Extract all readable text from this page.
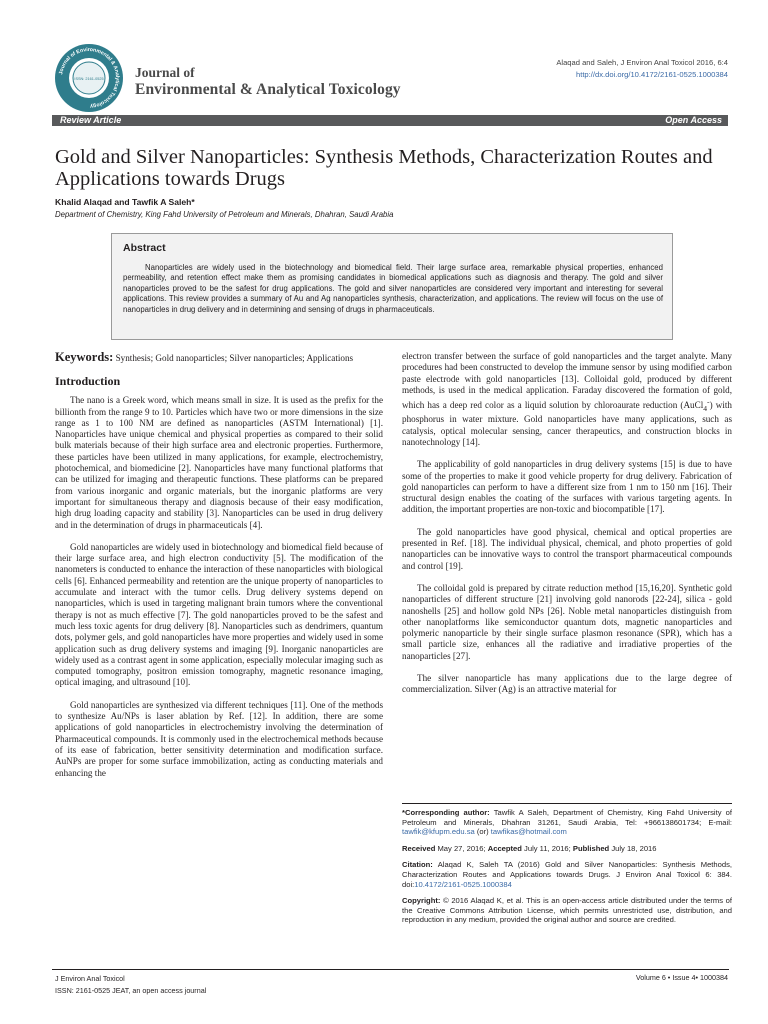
Journal of Environmental & Analytical Toxicology
ISSN: 2161-0525 Journal of
Environmental & Analytical Toxicology
Alaqad and Saleh, J Environ Anal Toxicol 2016, 6:4
http://dx.doi.org/10.4172/2161-0525.1000384
Review Article	Open Access
Gold and Silver Nanoparticles: Synthesis Methods, Characterization Routes and Applications towards Drugs
Khalid Alaqad and Tawfik A Saleh*
Department of Chemistry, King Fahd University of Petroleum and Minerals, Dhahran, Saudi Arabia
Abstract
Nanoparticles are widely used in the biotechnology and biomedical field. Their large surface area, remarkable physical properties, enhanced permeability, and retention effect make them as promising candidates in biomedical applications such as diagnosis and therapy. The gold and silver nanoparticles proved to be the safest for drug applications. The gold and silver nanoparticles are considered very important and interesting for several applications. This review provides a summary of Au and Ag nanoparticles synthesis, characterization, and applications. The review will focus on the use of nanoparticles in drug delivery and in determining and sensing of drugs in pharmaceuticals.
Keywords: Synthesis; Gold nanoparticles; Silver nanoparticles; Applications
Introduction

The nano is a Greek word, which means small in size. It is used as the prefix for the billionth from the range 9 to 10. Particles which have two or more dimensions in the size range as 1 to 100 NM are defined as nanoparticles (ASTM International) [1]. Nanoparticles have unique chemical and physical properties as compared to their solid bulk materials because of their high surface area and electronic properties. Furthermore, these particles have been utilized in many applications, for example, electrochemistry, photochemical, and biomedicine [2]. Nanoparticles have many functional platforms that can be utilized for imaging and therapeutic functions. These platforms can be prepared from various inorganic and organic materials, but the inorganic platforms are very important for simultaneous therapy and diagnosis because of their easy modification, high drug loading capacity and stability [3]. Nanoparticles can be used in drug delivery and in the determination of drugs in pharmaceuticals [4].

Gold nanoparticles are widely used in biotechnology and biomedical field because of their large surface area, and high electron conductivity [5]. The modification of the nanometers is conducted to enhance the interaction of these nanoparticles with biological cells [6]. Enhanced permeability and retention are the unique property of nanoparticles to accumulate and interact with the tumor cells. Drug delivery systems depend on nanoparticles, which is used in targeting malignant brain tumors where the conventional therapy is not as much effective [7]. The gold nanoparticles proved to be the safest and much less toxic agents for drug delivery [8]. Nanoparticles such as dendrimers, quantum dots, polymer gels, and gold nanoparticles have more properties and widely used in some application such as drug delivery systems and imaging [9]. Inorganic nanoparticles are widely used as a contrast agent in some application, especially molecular imaging such as computed tomography, positron emission tomography, magnetic resonance imaging, optical imaging, and ultrasound [10].

Gold nanoparticles are synthesized via different techniques [11]. One of the methods to synthesize Au/NPs is laser ablation by Ref. [12]. In addition, there are some applications of gold nanoparticles in electrochemistry involving the determination of Pharmaceutical compounds. It is commonly used in the electrochemical methods because of its ease of fabrication, better sensitivity determination and modification surface. AuNPs are proper for some surface immobilization, acting as conducting materials and enhancing the

electron transfer between the surface of gold nanoparticles and the target analyte. Many procedures had been constructed to develop the immune sensor by using modified carbon paste electrode with gold nanoparticles [13]. Colloidal gold, produced by different methods, is used in the medical application. Faraday discovered the formation of gold, which has a deep red color as a liquid solution by chloroaurate reduction (AuCl$_4$-) with phosphorus in water mixture. Gold nanoparticles have many applications, such as catalysis, optical molecular sensing, cancer therapeutics, and construction blocks in nanotechnology [14].

The applicability of gold nanoparticles in drug delivery systems [15] is due to have some of the properties to make it good vehicle property for drug delivery. Fabrication of gold nanoparticles can perform to have a different size from 1 nm to 150 nm [16]. Their structural design enables the coating of the surfaces with various targeting agents. In addition, the important properties are non-toxic and biocompatible [17].

The gold nanoparticles have good physical, chemical and optical properties are presented in Ref. [18]. The individual physical, chemical, and photo properties of gold nanoparticles can be innovative ways to control the transport pharmaceutical compounds and control [19].

The colloidal gold is prepared by citrate reduction method [15,16,20]. Synthetic gold nanoparticles of different structure [21] involving gold nanorods [22-24], silica - gold nanoshells [25] and hollow gold NPs [26]. Noble metal nanoparticles distinguish from other nanoplatforms like semiconductor quantum dots, magnetic nanoparticles and polymeric nanoparticle by their single surface plasmon resonance (SPR), which has a small particle size, enhances all the radiative and irradiative properties of the nanoparticles [27].

The silver nanoparticle has many applications due to the large degree of commercialization. Silver (Ag) is an attractive material for

*Corresponding author: Tawfik A Saleh, Department of Chemistry, King Fahd University of Petroleum and Minerals, Dhahran 31261, Saudi Arabia, Tel: +966138601734; E-mail: tawfik@kfupm.edu.sa (or) tawfikas@hotmail.com
Received May 27, 2016; Accepted July 11, 2016; Published July 18, 2016
Citation: Alaqad K, Saleh TA (2016) Gold and Silver Nanoparticles: Synthesis Methods, Characterization Routes and Applications towards Drugs. J Environ Anal Toxicol 6: 384. doi:10.4172/2161-0525.1000384
Copyright: © 2016 Alaqad K, et al. This is an open-access article distributed under the terms of the Creative Commons Attribution License, which permits unrestricted use, distribution, and reproduction in any medium, provided the original author and source are credited.
J Environ Anal Toxicol
ISSN: 2161-0525 JEAT, an open access journal
Volume 6 • Issue 4• 1000384
